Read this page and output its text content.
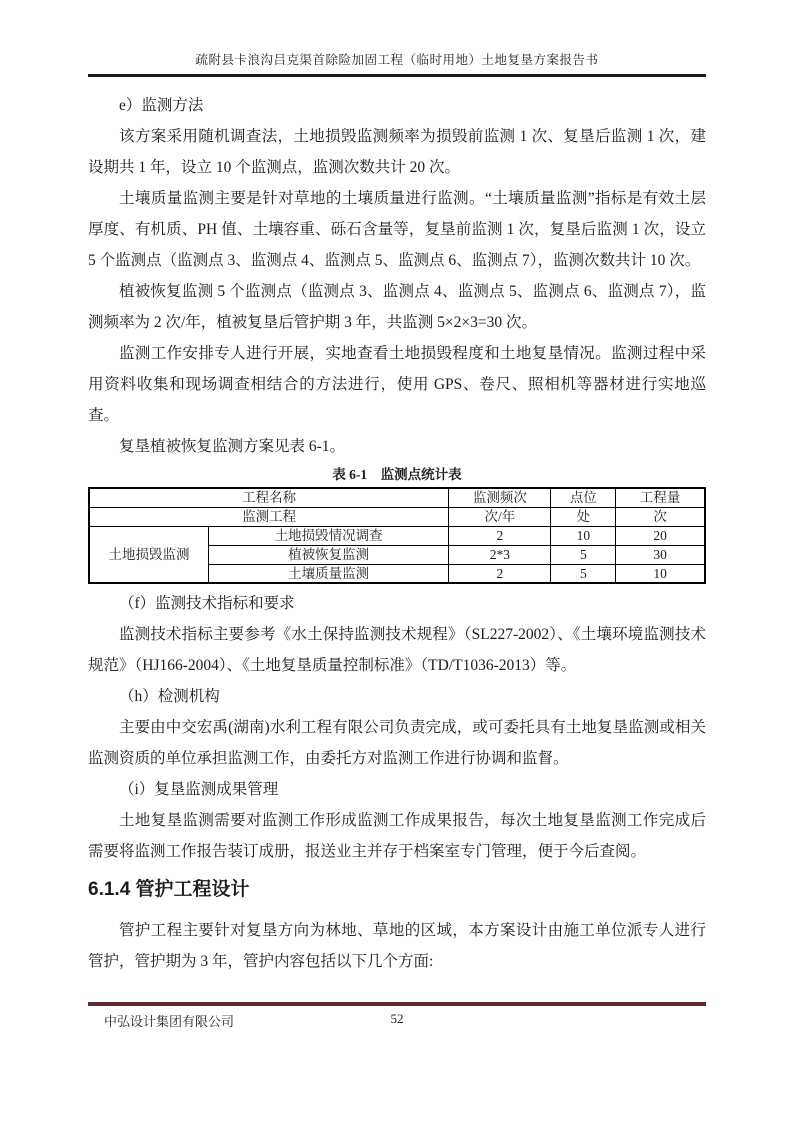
疏附县卡浪沟吕克渠首除险加固工程（临时用地）土地复垦方案报告书

e）监测方法

该方案采用随机调查法，土地损毁监测频率为损毁前监测 1 次、复垦后监测 1 次，建设期共 1 年，设立 10 个监测点，监测次数共计 20 次。

土壤质量监测主要是针对草地的土壤质量进行监测。“土壤质量监测”指标是有效土层厚度、有机质、PH 值、土壤容重、砾石含量等，复垦前监测 1 次，复垦后监测 1 次，设立 5 个监测点（监测点 3、监测点 4、监测点 5、监测点 6、监测点 7），监测次数共计 10 次。

植被恢复监测 5 个监测点（监测点 3、监测点 4、监测点 5、监测点 6、监测点 7），监测频率为 2 次/年，植被复垦后管护期 3 年，共监测 5×2×3=30 次。

监测工作安排专人进行开展，实地查看土地损毁程度和土地复垦情况。监测过程中采用资料收集和现场调查相结合的方法进行，使用 GPS、卷尺、照相机等器材进行实地巡查。

复垦植被恢复监测方案见表 6-1。

表 6-1　监测点统计表
工程名称		监测频次	点位	工程量
监测工程		次/年	处	次
土地损毁监测	土地损毁情况调查	2	10	20
	植被恢复监测	2*3	5	30
	土壤质量监测	2	5	10

（f）监测技术指标和要求

监测技术指标主要参考《水土保持监测技术规程》（SL227-2002）、《土壤环境监测技术规范》（HJ166-2004）、《土地复垦质量控制标准》（TD/T1036-2013）等。

（h）检测机构

主要由中交宏禹(湖南)水利工程有限公司负责完成，或可委托具有土地复垦监测或相关监测资质的单位承担监测工作，由委托方对监测工作进行协调和监督。

（i）复垦监测成果管理

土地复垦监测需要对监测工作形成监测工作成果报告，每次土地复垦监测工作完成后需要将监测工作报告装订成册，报送业主并存于档案室专门管理，便于今后查阅。

6.1.4 管护工程设计

管护工程主要针对复垦方向为林地、草地的区域，本方案设计由施工单位派专人进行管护，管护期为 3 年，管护内容包括以下几个方面:

中弘设计集团有限公司	52
